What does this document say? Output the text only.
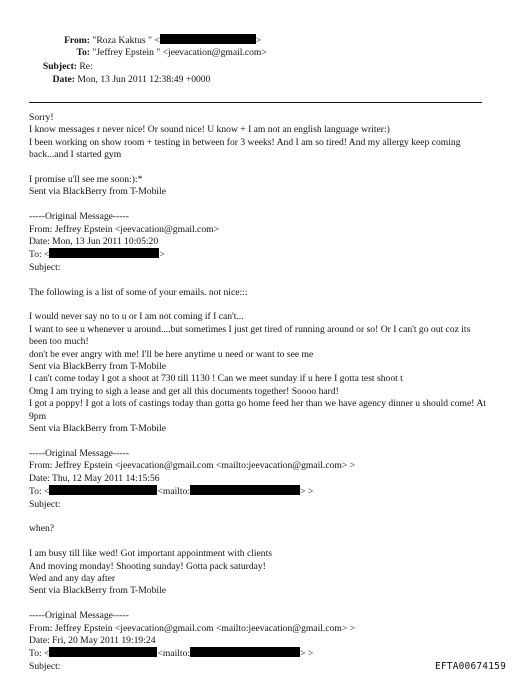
From: "Roza Kaktus " <	>
To: "Jeffrey Epstein " <jeevacation@gmail.com>
Subject: Re:
Date: Mon, 13 Jun 2011 12:38:49 +0000
Sorry!
I know messages r never nice! Or sound nice! U know + I am not an english language writer:)
I been working on show room + testing in between for 3 weeks! And I am so tired! And my allergy keep coming back...and I started gym
I promise u'll see me soon:):*
Sent via BlackBerry from T-Mobile
-----Original Message-----
From: Jeffrey Epstein <jeevacation@gmail.com>
Date: Mon, 13 Jun 2011 10:05:20
To: <	>
Subject:
The following is a list of some of your emails. not nice:::
I would never say no to u or I am not coming if I can't...
I want to see u whenever u around....but sometimes I just get tired of running around or so! Or I can't go out coz its been too much!
don't be ever angry with me! I'll be here anytime u need or want to see me
Sent via BlackBerry from T-Mobile
I can't come today I got a shoot at 730 till 1130 ! Can we meet sunday if u here I gotta test shoot t
Omg I am trying to sigh a lease and get all this documents together! Soooo hard!
I got a poppy! I got a lots of castings today than gotta go home feed her than we have agency dinner u should come! At 9pm
Sent via BlackBerry from T-Mobile
-----Original Message-----
From: Jeffrey Epstein <jeevacation@gmail.com <mailto:jeevacation@gmail.com> >
Date: Thu, 12 May 2011 14:15:56
To: <	<mailto:	> >
Subject:
when?
I am busy till like wed! Got important appointment with clients
And moving monday! Shooting sunday! Gotta pack saturday!
Wed and any day after
Sent via BlackBerry from T-Mobile
-----Original Message-----
From: Jeffrey Epstein <jeevacation@gmail.com <mailto:jeevacation@gmail.com> >
Date: Fri, 20 May 2011 19:19:24
To: <	<mailto:	> >
Subject:	EFTA00674159
